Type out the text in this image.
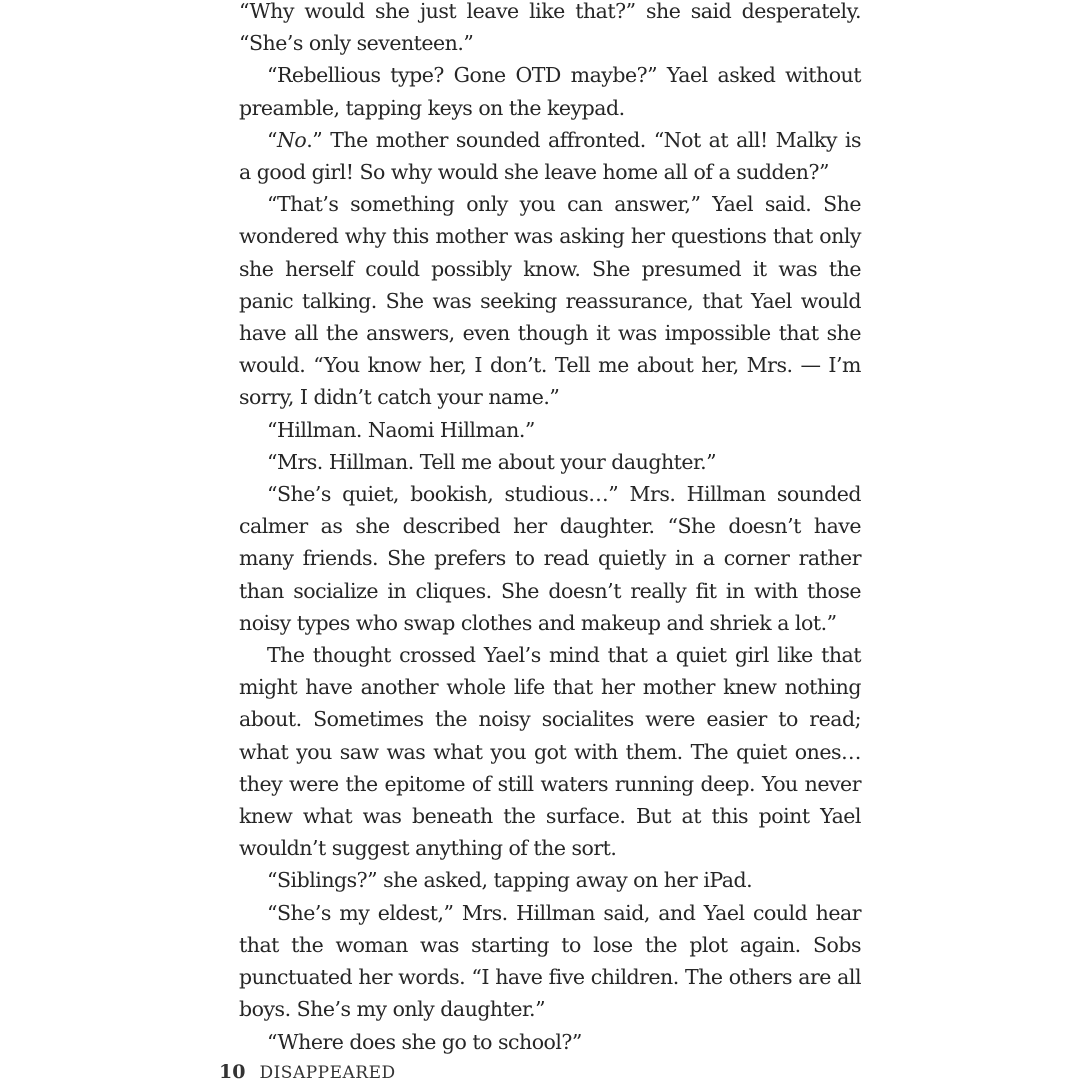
“Why would she just leave like that?” she said desperately. “She’s only seventeen.”

“Rebellious type? Gone OTD maybe?” Yael asked without preamble, tapping keys on the keypad.

“No.” The mother sounded affronted. “Not at all! Malky is a good girl! So why would she leave home all of a sudden?”

“That’s something only you can answer,” Yael said. She wondered why this mother was asking her questions that only she herself could possibly know. She presumed it was the panic talking. She was seeking reassurance, that Yael would have all the answers, even though it was impossible that she would. “You know her, I don’t. Tell me about her, Mrs. — I’m sorry, I didn’t catch your name.”

“Hillman. Naomi Hillman.”

“Mrs. Hillman. Tell me about your daughter.”

“She’s quiet, bookish, studious…” Mrs. Hillman sounded calmer as she described her daughter. “She doesn’t have many friends. She prefers to read quietly in a corner rather than socialize in cliques. She doesn’t really fit in with those noisy types who swap clothes and makeup and shriek a lot.”

The thought crossed Yael’s mind that a quiet girl like that might have another whole life that her mother knew nothing about. Sometimes the noisy socialites were easier to read; what you saw was what you got with them. The quiet ones…they were the epitome of still waters running deep. You never knew what was beneath the surface. But at this point Yael wouldn’t suggest anything of the sort.

“Siblings?” she asked, tapping away on her iPad.

“She’s my eldest,” Mrs. Hillman said, and Yael could hear that the woman was starting to lose the plot again. Sobs punctuated her words. “I have five children. The others are all boys. She’s my only daughter.”

“Where does she go to school?”

10 DISAPPEARED
